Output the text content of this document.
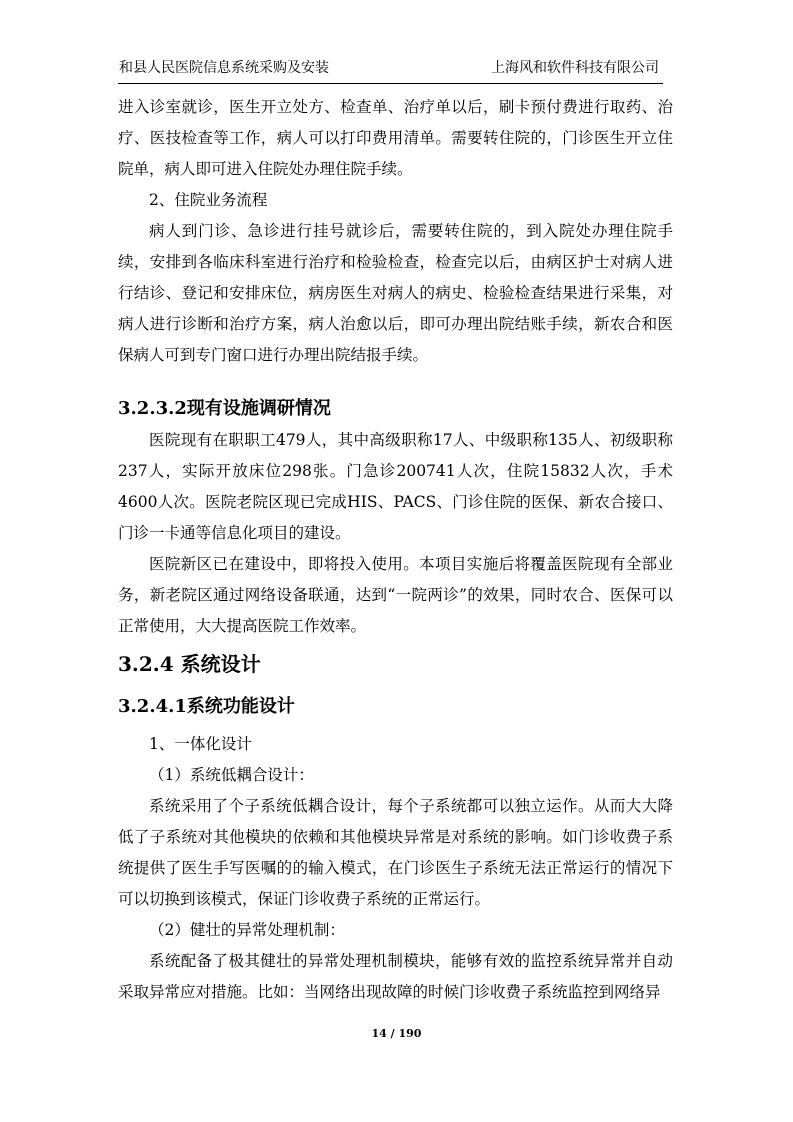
和县人民医院信息系统采购及安装	上海风和软件科技有限公司

进入诊室就诊，医生开立处方、检查单、治疗单以后，刷卡预付费进行取药、治疗、医技检查等工作，病人可以打印费用清单。需要转住院的，门诊医生开立住院单，病人即可进入住院处办理住院手续。

2、住院业务流程

病人到门诊、急诊进行挂号就诊后，需要转住院的，到入院处办理住院手续，安排到各临床科室进行治疗和检验检查，检查完以后，由病区护士对病人进行结诊、登记和安排床位，病房医生对病人的病史、检验检查结果进行采集，对病人进行诊断和治疗方案，病人治愈以后，即可办理出院结账手续，新农合和医保病人可到专门窗口进行办理出院结报手续。

3.2.3.2现有设施调研情况

医院现有在职职工479人，其中高级职称17人、中级职称135人、初级职称237人，实际开放床位298张。门急诊200741人次，住院15832人次，手术4600人次。医院老院区现已完成HIS、PACS、门诊住院的医保、新农合接口、门诊一卡通等信息化项目的建设。

医院新区已在建设中，即将投入使用。本项目实施后将覆盖医院现有全部业务，新老院区通过网络设备联通，达到“一院两诊”的效果，同时农合、医保可以正常使用，大大提高医院工作效率。

3.2.4 系统设计
3.2.4.1系统功能设计

1、一体化设计

（1）系统低耦合设计：

系统采用了个子系统低耦合设计，每个子系统都可以独立运作。从而大大降低了子系统对其他模块的依赖和其他模块异常是对系统的影响。如门诊收费子系统提供了医生手写医嘱的的输入模式，在门诊医生子系统无法正常运行的情况下可以切换到该模式，保证门诊收费子系统的正常运行。

（2）健壮的异常处理机制：

系统配备了极其健壮的异常处理机制模块，能够有效的监控系统异常并自动采取异常应对措施。比如：当网络出现故障的时候门诊收费子系统监控到网络异

14 / 190
